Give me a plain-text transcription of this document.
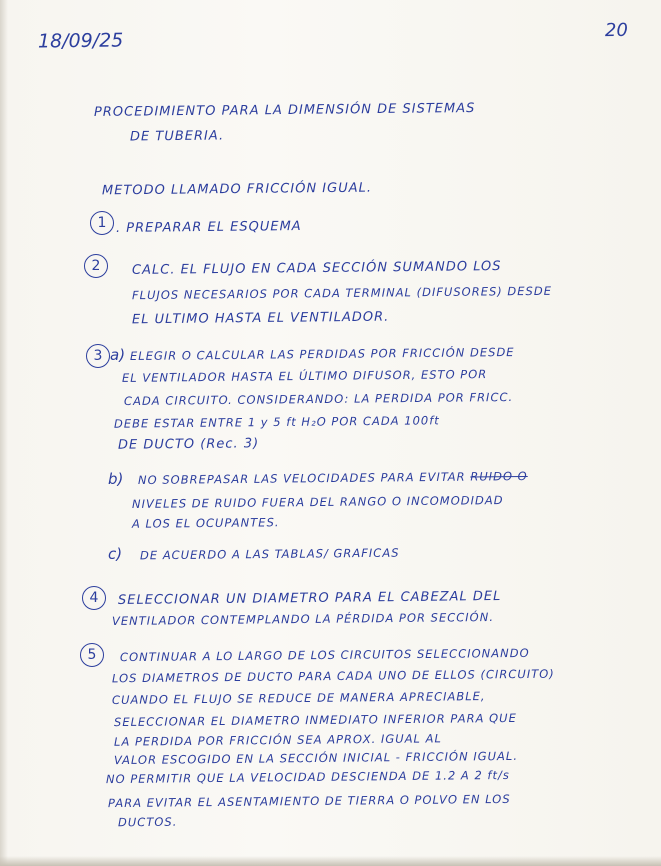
18/09/25	20
PROCEDIMIENTO PARA LA DIMENSIÓN DE SISTEMAS
DE TUBERIA.
METODO LLAMADO FRICCIÓN IGUAL.
1 . PREPARAR EL ESQUEMA
2	CALC. EL FLUJO EN CADA SECCIÓN SUMANDO LOS
FLUJOS NECESARIOS POR CADA TERMINAL (DIFUSORES) DESDE
EL ULTIMO HASTA EL VENTILADOR.
3 a) ELEGIR O CALCULAR LAS PERDIDAS POR FRICCIÓN DESDE
EL VENTILADOR HASTA EL ÚLTIMO DIFUSOR, ESTO POR
CADA CIRCUITO. CONSIDERANDO: LA PERDIDA POR FRICC.
DEBE ESTAR ENTRE 1 y 5 ft H₂O POR CADA 100ft
DE DUCTO (Rec. 3)
b) NO SOBREPASAR LAS VELOCIDADES PARA EVITAR RUIDO O
NIVELES DE RUIDO FUERA DEL RANGO O INCOMODIDAD
A LOS EL OCUPANTES.
c) DE ACUERDO A LAS TABLAS/ GRAFICAS
4	SELECCIONAR UN DIAMETRO PARA EL CABEZAL DEL
VENTILADOR CONTEMPLANDO LA PÉRDIDA POR SECCIÓN.
5	CONTINUAR A LO LARGO DE LOS CIRCUITOS SELECCIONANDO
LOS DIAMETROS DE DUCTO PARA CADA UNO DE ELLOS (CIRCUITO)
CUANDO EL FLUJO SE REDUCE DE MANERA APRECIABLE,
SELECCIONAR EL DIAMETRO INMEDIATO INFERIOR PARA QUE
LA PERDIDA POR FRICCIÓN SEA APROX. IGUAL AL
VALOR ESCOGIDO EN LA SECCIÓN INICIAL - FRICCIÓN IGUAL.
NO PERMITIR QUE LA VELOCIDAD DESCIENDA DE 1.2 A 2 ft/s
PARA EVITAR EL ASENTAMIENTO DE TIERRA O POLVO EN LOS
DUCTOS.
